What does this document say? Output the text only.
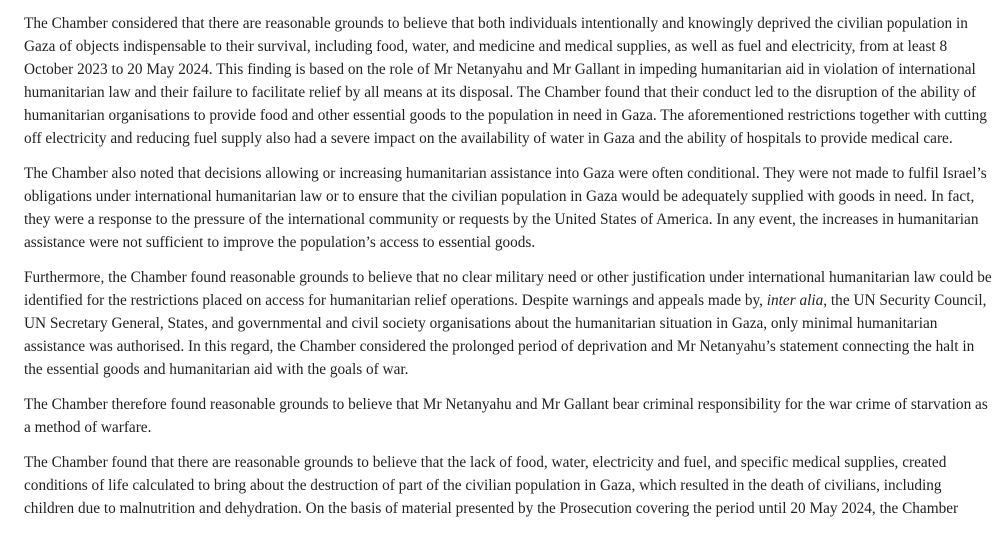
The Chamber considered that there are reasonable grounds to believe that both individuals intentionally and knowingly deprived the civilian population in Gaza of objects indispensable to their survival, including food, water, and medicine and medical supplies, as well as fuel and electricity, from at least 8 October 2023 to 20 May 2024. This finding is based on the role of Mr Netanyahu and Mr Gallant in impeding humanitarian aid in violation of international humanitarian law and their failure to facilitate relief by all means at its disposal. The Chamber found that their conduct led to the disruption of the ability of humanitarian organisations to provide food and other essential goods to the population in need in Gaza. The aforementioned restrictions together with cutting off electricity and reducing fuel supply also had a severe impact on the availability of water in Gaza and the ability of hospitals to provide medical care.

The Chamber also noted that decisions allowing or increasing humanitarian assistance into Gaza were often conditional. They were not made to fulfil Israel’s obligations under international humanitarian law or to ensure that the civilian population in Gaza would be adequately supplied with goods in need. In fact, they were a response to the pressure of the international community or requests by the United States of America. In any event, the increases in humanitarian assistance were not sufficient to improve the population’s access to essential goods.

Furthermore, the Chamber found reasonable grounds to believe that no clear military need or other justification under international humanitarian law could be identified for the restrictions placed on access for humanitarian relief operations. Despite warnings and appeals made by, inter alia, the UN Security Council, UN Secretary General, States, and governmental and civil society organisations about the humanitarian situation in Gaza, only minimal humanitarian assistance was authorised. In this regard, the Chamber considered the prolonged period of deprivation and Mr Netanyahu’s statement connecting the halt in the essential goods and humanitarian aid with the goals of war.

The Chamber therefore found reasonable grounds to believe that Mr Netanyahu and Mr Gallant bear criminal responsibility for the war crime of starvation as a method of warfare.

The Chamber found that there are reasonable grounds to believe that the lack of food, water, electricity and fuel, and specific medical supplies, created conditions of life calculated to bring about the destruction of part of the civilian population in Gaza, which resulted in the death of civilians, including children due to malnutrition and dehydration. On the basis of material presented by the Prosecution covering the period until 20 May 2024, the Chamber
